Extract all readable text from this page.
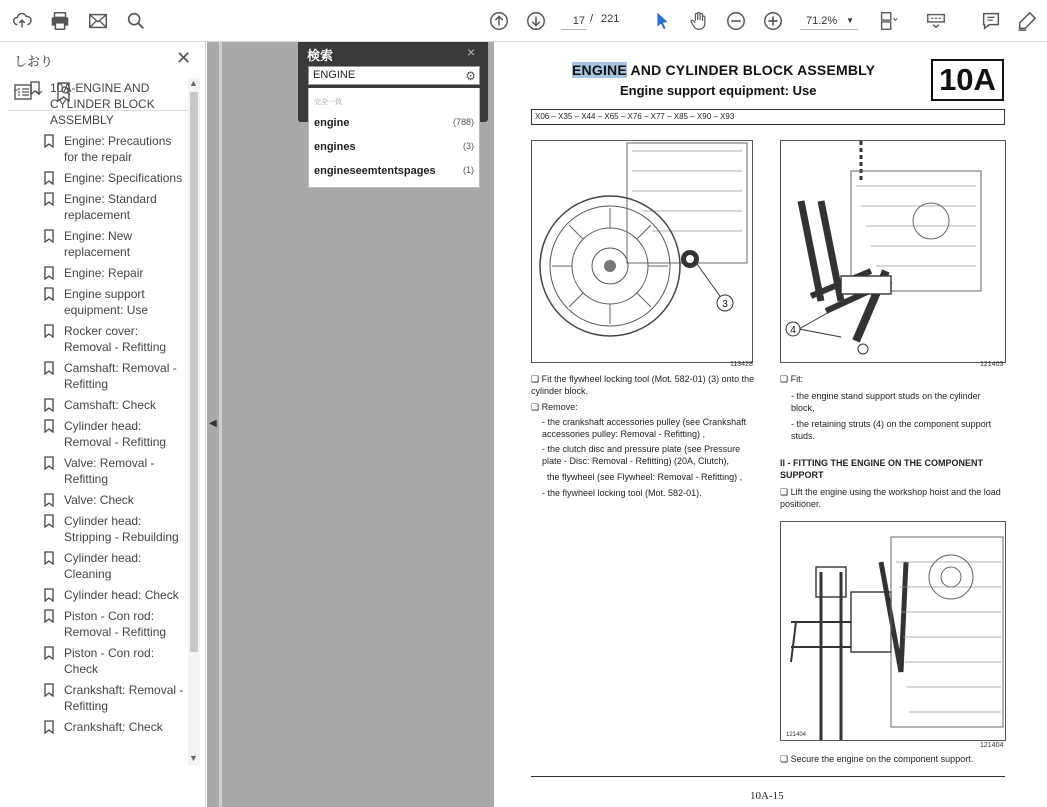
17 / 221	71.2% ▼
しおり	✕
⌄ 10A-ENGINE AND CYLINDER BLOCK ASSEMBLY
Engine: Precautions for the repair
Engine: Specifications
Engine: Standard replacement
Engine: New replacement
Engine: Repair
Engine support equipment: Use
Rocker cover: Removal - Refitting
Camshaft: Removal - Refitting
Camshaft: Check
Cylinder head: Removal - Refitting
Valve: Removal - Refitting
Valve: Check
Cylinder head: Stripping - Rebuilding
Cylinder head: Cleaning
Cylinder head: Check
Piston - Con rod: Removal - Refitting
Piston - Con rod: Check
Crankshaft: Removal - Refitting
Crankshaft: Check
▲
▼
◀
ENGINE AND CYLINDER BLOCK ASSEMBLY
Engine support equipment: Use	10A
X06 – X35 – X44 – X65 – X76 – X77 – X85 – X90 – X93
3
113428
4
121403
❑ Fit the flywheel locking tool (Mot. 582-01) (3) onto the cylinder block.
❑ Remove:
- the crankshaft accessories pulley (see Crankshaft accessories pulley: Removal - Refitting) ,
- the clutch disc and pressure plate (see Pressure plate - Disc: Removal - Refitting) (20A, Clutch),
the flywheel (see Flywheel: Removal - Refitting) ,
- the flywheel locking tool (Mot. 582-01).
❑ Fit:
- the engine stand support studs on the cylinder block,
- the retaining struts (4) on the component support studs.
II - FITTING THE ENGINE ON THE COMPONENT SUPPORT
❑ Lift the engine using the workshop hoist and the load positioner.
121404
121404
❑ Secure the engine on the component support.
10A-15
検索	×
ENGINE	⚙
完全一致
engine	(788)
engines	(3)
engineseemtentspages	(1)
